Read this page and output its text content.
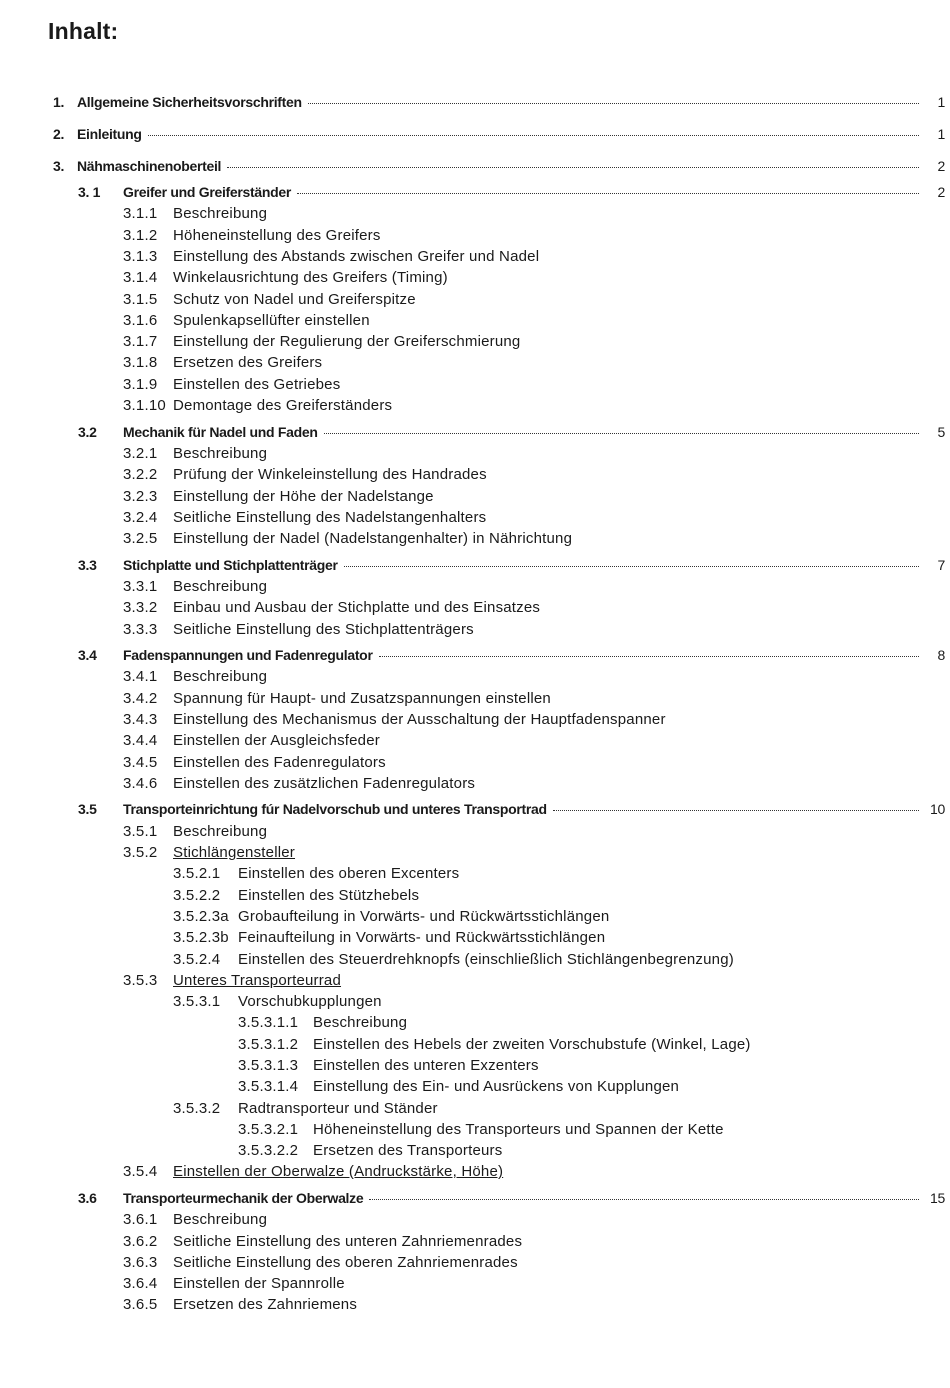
Inhalt:
1. Allgemeine Sicherheitsvorschriften	1
2. Einleitung	1
3. Nähmaschinenoberteil	2
3. 1	Greifer und Greiferständer	2
3.1.1 Beschreibung
3.1.2 Höheneinstellung des Greifers
3.1.3 Einstellung des Abstands zwischen Greifer und Nadel
3.1.4 Winkelausrichtung des Greifers (Timing)
3.1.5 Schutz von Nadel und Greiferspitze
3.1.6 Spulenkapsellüfter einstellen
3.1.7 Einstellung der Regulierung der Greiferschmierung
3.1.8 Ersetzen des Greifers
3.1.9 Einstellen des Getriebes
3.1.10 Demontage des Greiferständers
3.2	Mechanik für Nadel und Faden	5
3.2.1 Beschreibung
3.2.2 Prüfung der Winkeleinstellung des Handrades
3.2.3 Einstellung der Höhe der Nadelstange
3.2.4 Seitliche Einstellung des Nadelstangenhalters
3.2.5 Einstellung der Nadel (Nadelstangenhalter) in Nährichtung
3.3	Stichplatte und Stichplattenträger	7
3.3.1 Beschreibung
3.3.2 Einbau und Ausbau der Stichplatte und des Einsatzes
3.3.3 Seitliche Einstellung des Stichplattenträgers
3.4	Fadenspannungen und Fadenregulator	8
3.4.1 Beschreibung
3.4.2 Spannung für Haupt- und Zusatzspannungen einstellen
3.4.3 Einstellung des Mechanismus der Ausschaltung der Hauptfadenspanner
3.4.4 Einstellen der Ausgleichsfeder
3.4.5 Einstellen des Fadenregulators
3.4.6 Einstellen des zusätzlichen Fadenregulators
3.5	Transporteinrichtung fúr Nadelvorschub und unteres Transportrad	10
3.5.1 Beschreibung
3.5.2 Stichlängensteller
3.5.2.1 Einstellen des oberen Excenters
3.5.2.2 Einstellen des Stützhebels
3.5.2.3a Grobaufteilung in Vorwärts- und Rückwärtsstichlängen
3.5.2.3b Feinaufteilung in Vorwärts- und Rückwärtsstichlängen
3.5.2.4 Einstellen des Steuerdrehknopfs (einschließlich Stichlängenbegrenzung)
3.5.3 Unteres Transporteurrad
3.5.3.1 Vorschubkupplungen
3.5.3.1.1 Beschreibung
3.5.3.1.2 Einstellen des Hebels der zweiten Vorschubstufe (Winkel, Lage)
3.5.3.1.3 Einstellen des unteren Exzenters
3.5.3.1.4 Einstellung des Ein- und Ausrückens von Kupplungen
3.5.3.2 Radtransporteur und Ständer
3.5.3.2.1 Höheneinstellung des Transporteurs und Spannen der Kette
3.5.3.2.2 Ersetzen des Transporteurs
3.5.4 Einstellen der Oberwalze (Andruckstärke, Höhe)
3.6	Transporteurmechanik der Oberwalze	15
3.6.1 Beschreibung
3.6.2 Seitliche Einstellung des unteren Zahnriemenrades
3.6.3 Seitliche Einstellung des oberen Zahnriemenrades
3.6.4 Einstellen der Spannrolle
3.6.5 Ersetzen des Zahnriemens
